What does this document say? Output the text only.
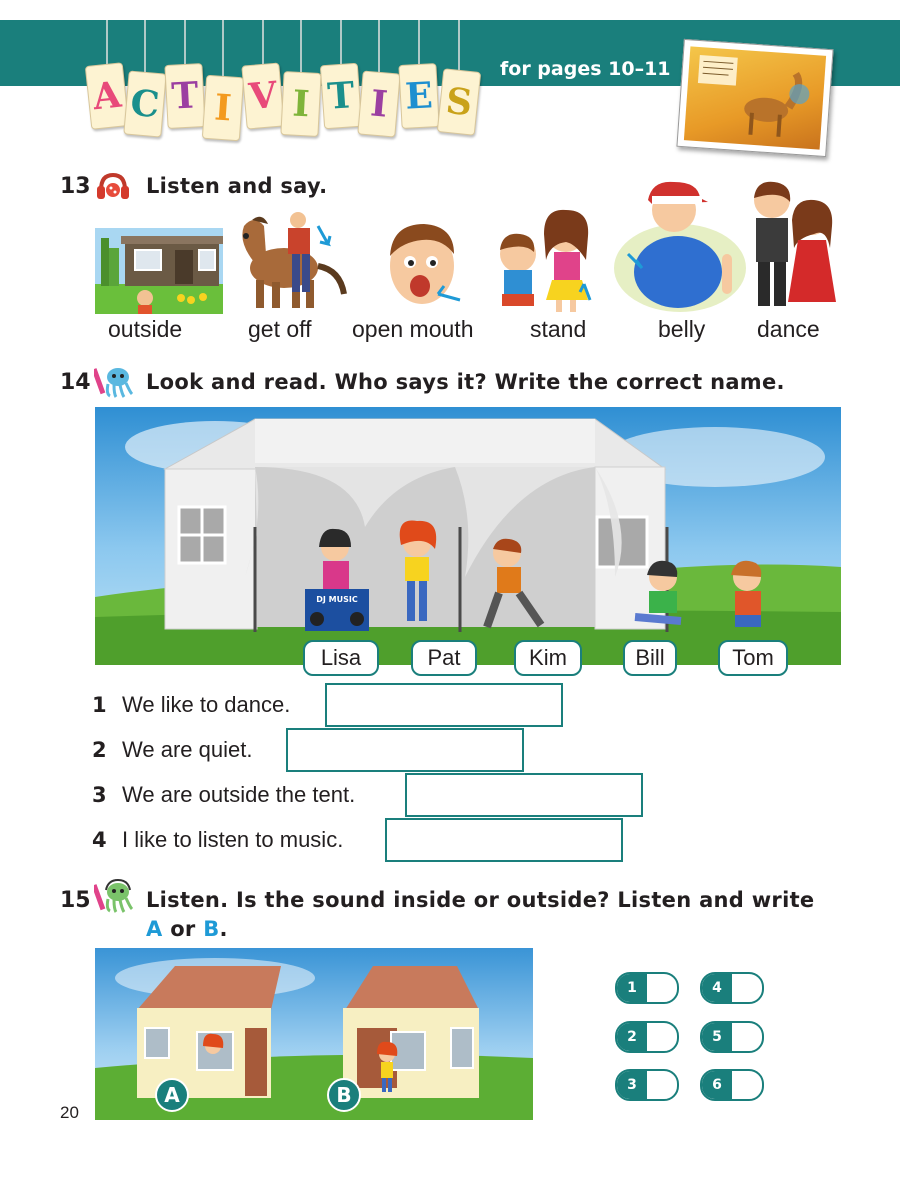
A C T I V I T I E S
for pages 10–11
13	Listen and say.
outside	get off open mouth stand	belly dance
14	Look and read. Who says it? Write the correct name.
DJ MUSIC
Lisa	Pat	Kim	Bill	Tom
1 We like to dance.
2 We are quiet.
3 We are outside the tent.
4 I like to listen to music.
15	Listen. Is the sound inside or outside? Listen and write
A or B.
A	B
1
2
3
4
5
6
20
